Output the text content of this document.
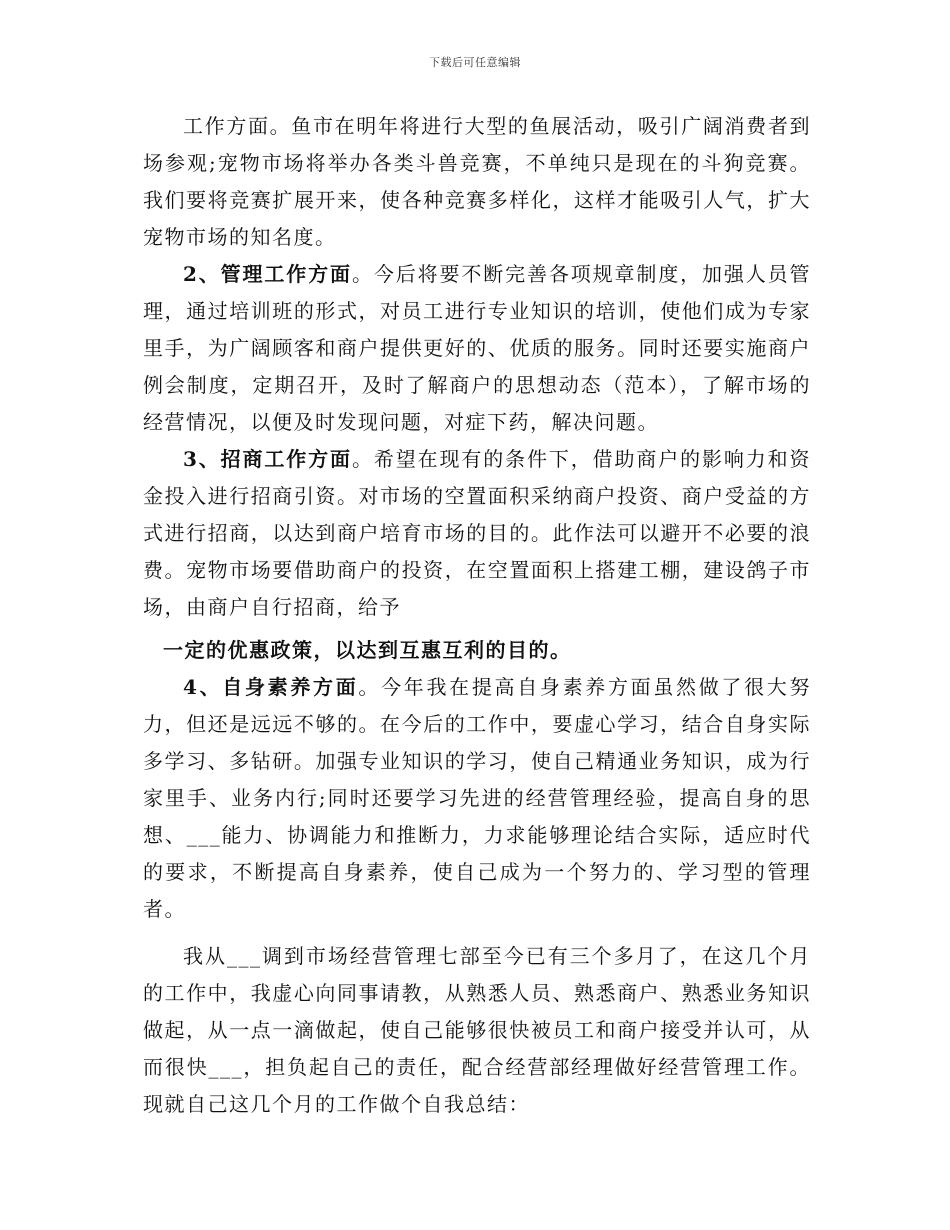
下载后可任意编辑

工作方面。鱼市在明年将进行大型的鱼展活动，吸引广阔消费者到场参观;宠物市场将举办各类斗兽竞赛，不单纯只是现在的斗狗竞赛。我们要将竞赛扩展开来，使各种竞赛多样化，这样才能吸引人气，扩大宠物市场的知名度。

2、管理工作方面。今后将要不断完善各项规章制度，加强人员管理，通过培训班的形式，对员工进行专业知识的培训，使他们成为专家里手，为广阔顾客和商户提供更好的、优质的服务。同时还要实施商户例会制度，定期召开，及时了解商户的思想动态（范本），了解市场的经营情况，以便及时发现问题，对症下药，解决问题。

3、招商工作方面。希望在现有的条件下，借助商户的影响力和资金投入进行招商引资。对市场的空置面积采纳商户投资、商户受益的方式进行招商，以达到商户培育市场的目的。此作法可以避开不必要的浪费。宠物市场要借助商户的投资，在空置面积上搭建工棚，建设鸽子市场，由商户自行招商，给予

一定的优惠政策，以达到互惠互利的目的。

4、自身素养方面。今年我在提高自身素养方面虽然做了很大努力，但还是远远不够的。在今后的工作中，要虚心学习，结合自身实际多学习、多钻研。加强专业知识的学习，使自己精通业务知识，成为行家里手、业务内行;同时还要学习先进的经营管理经验，提高自身的思想、___能力、协调能力和推断力，力求能够理论结合实际，适应时代的要求，不断提高自身素养，使自己成为一个努力的、学习型的管理者。

我从___调到市场经营管理七部至今已有三个多月了，在这几个月的工作中，我虚心向同事请教，从熟悉人员、熟悉商户、熟悉业务知识做起，从一点一滴做起，使自己能够很快被员工和商户接受并认可，从而很快___，担负起自己的责任，配合经营部经理做好经营管理工作。现就自己这几个月的工作做个自我总结：
